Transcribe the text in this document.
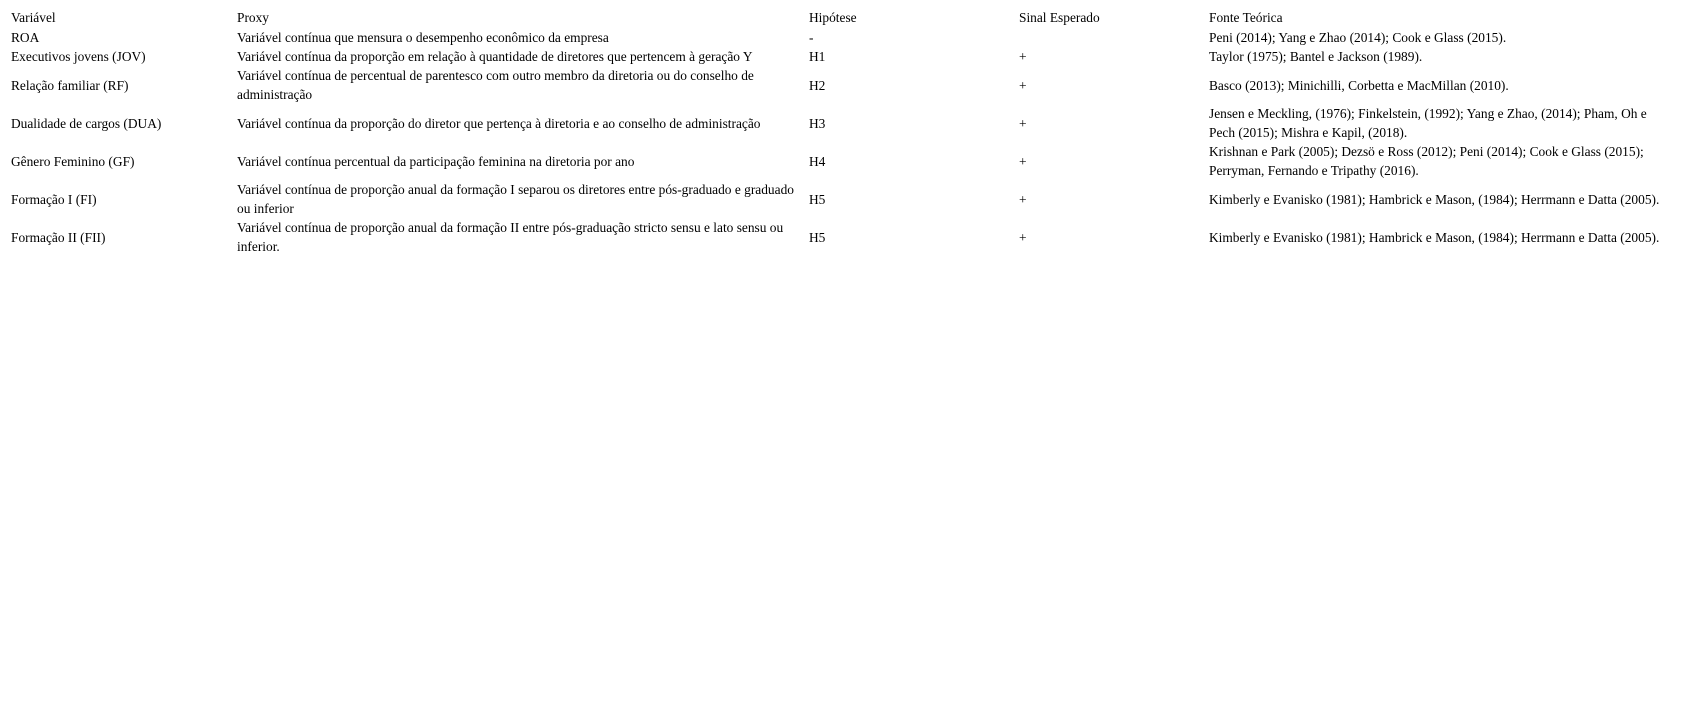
Variável	Proxy	Hipótese	Sinal Esperado	Fonte Teórica
ROA	Variável contínua que mensura o desempenho econômico da empresa	-		Peni (2014); Yang e Zhao (2014); Cook e Glass (2015).
Executivos jovens (JOV)	Variável contínua da proporção em relação à quantidade de diretores que pertencem à geração Y	H1	+	Taylor (1975); Bantel e Jackson (1989).
Relação familiar (RF)	Variável contínua de percentual de parentesco com outro membro da diretoria ou do conselho de administração	H2	+	Basco (2013); Minichilli, Corbetta e MacMillan (2010).
Dualidade de cargos (DUA)	Variável contínua da proporção do diretor que pertença à diretoria e ao conselho de administração	H3	+	Jensen e Meckling, (1976); Finkelstein, (1992); Yang e Zhao, (2014); Pham, Oh e Pech (2015); Mishra e Kapil, (2018).
Gênero Feminino (GF)	Variável contínua percentual da participação feminina na diretoria por ano	H4	+	Krishnan e Park (2005); Dezsö e Ross (2012); Peni (2014); Cook e Glass (2015); Perryman, Fernando e Tripathy (2016).
Formação I (FI)	Variável contínua de proporção anual da formação I separou os diretores entre pós-graduado e graduado ou inferior	H5	+	Kimberly e Evanisko (1981); Hambrick e Mason, (1984); Herrmann e Datta (2005).
Formação II (FII)	Variável contínua de proporção anual da formação II entre pós-graduação stricto sensu e lato sensu ou inferior.	H5	+	Kimberly e Evanisko (1981); Hambrick e Mason, (1984); Herrmann e Datta (2005).
